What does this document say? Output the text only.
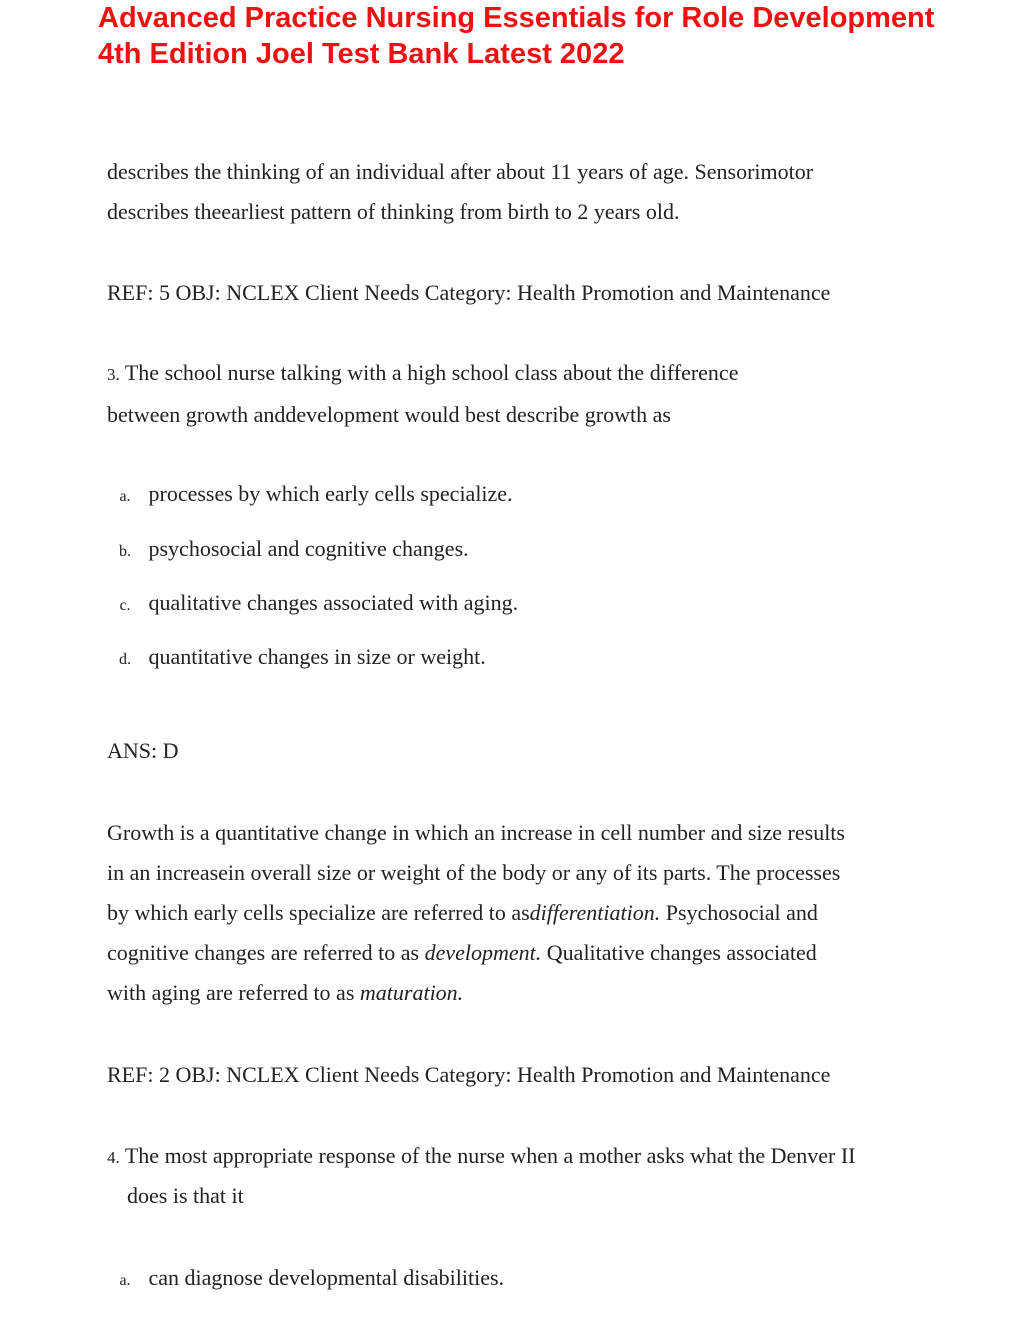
Advanced Practice Nursing Essentials for Role Development 4th Edition Joel Test Bank Latest 2022

describes the thinking of an individual after about 11 years of age. Sensorimotor
describes theearliest pattern of thinking from birth to 2 years old.

REF: 5 OBJ: NCLEX Client Needs Category: Health Promotion and Maintenance

3. The school nurse talking with a high school class about the difference
between growth anddevelopment would best describe growth as

a. processes by which early cells specialize.
b. psychosocial and cognitive changes.
c. qualitative changes associated with aging.
d. quantitative changes in size or weight.

ANS: D

Growth is a quantitative change in which an increase in cell number and size results
in an increasein overall size or weight of the body or any of its parts. The processes
by which early cells specialize are referred to asdifferentiation. Psychosocial and
cognitive changes are referred to as development. Qualitative changes associated
with aging are referred to as maturation.

REF: 2 OBJ: NCLEX Client Needs Category: Health Promotion and Maintenance

4. The most appropriate response of the nurse when a mother asks what the Denver II

does is that it
a. can diagnose developmental disabilities.
